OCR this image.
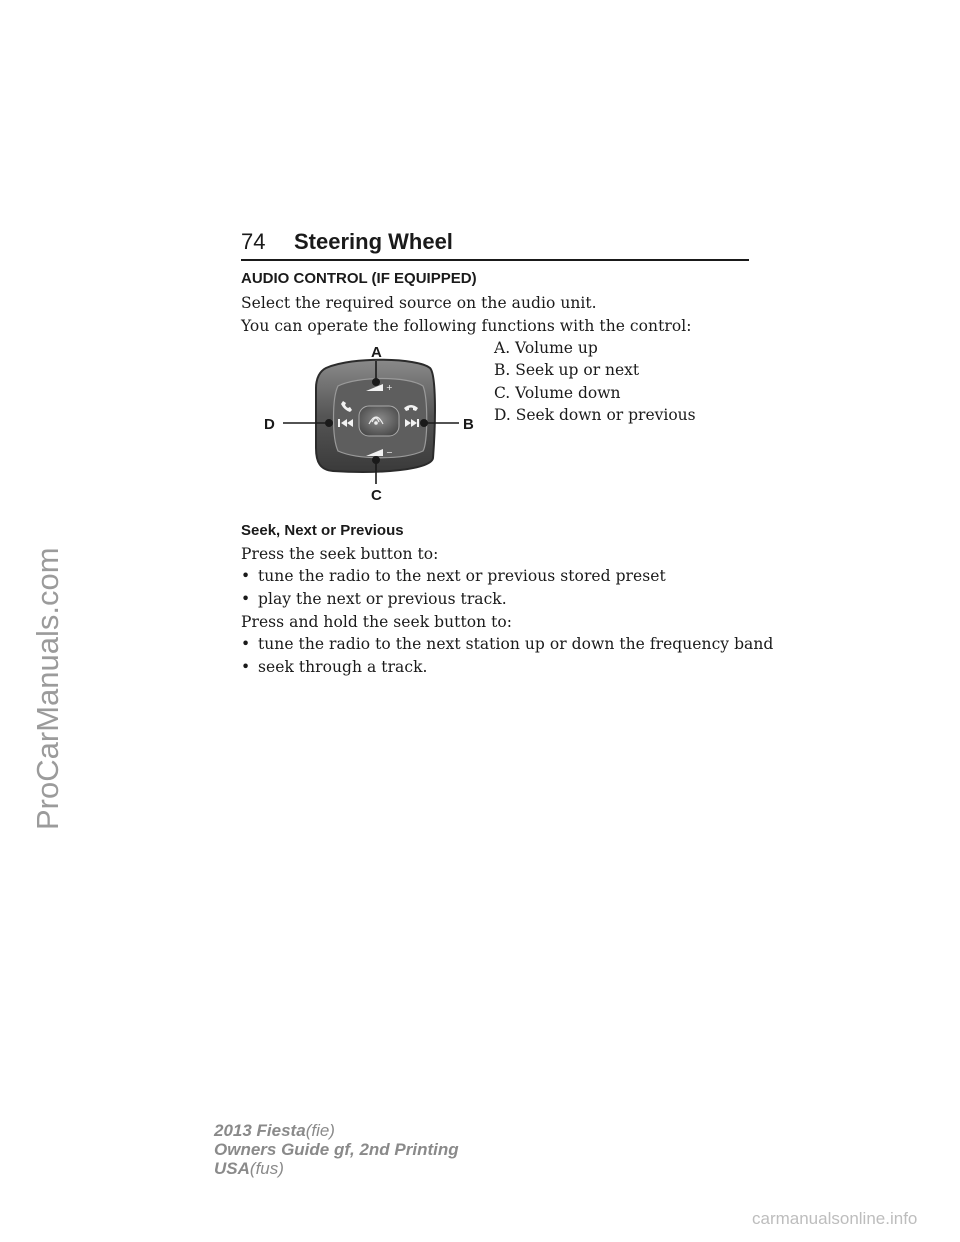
74 Steering Wheel
AUDIO CONTROL (IF EQUIPPED)
Select the required source on the audio unit.
You can operate the following functions with the control:
+
−
A
B
C
D
A. Volume up
B. Seek up or next
C. Volume down
D. Seek down or previous
Seek, Next or Previous
Press the seek button to:
• tune the radio to the next or previous stored preset
• play the next or previous track.
Press and hold the seek button to:
• tune the radio to the next station up or down the frequency band
• seek through a track.
ProCarManuals.com
2013 Fiesta(fie)
Owners Guide gf, 2nd Printing
USA(fus)
carmanualsonline.info
